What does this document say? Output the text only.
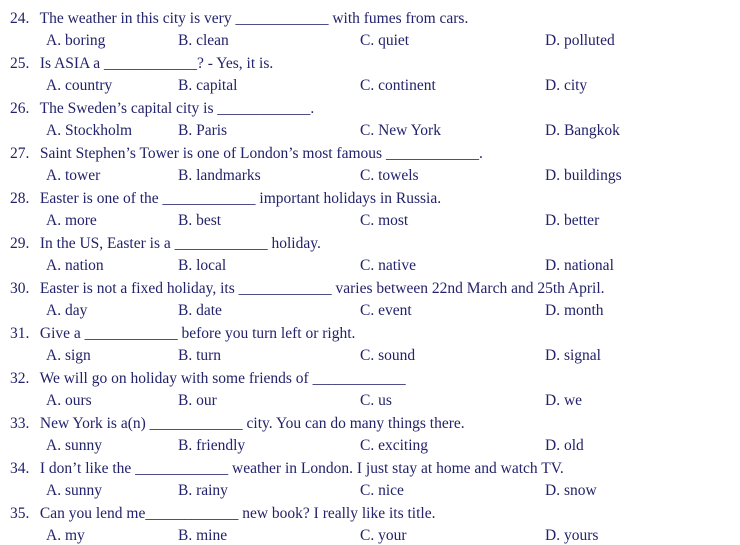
24. The weather in this city is very ____________ with fumes from cars.
A. boring	B. clean	C. quiet	D. polluted
25. Is ASIA a ____________? - Yes, it is.
A. country	B. capital	C. continent	D. city
26. The Sweden’s capital city is ____________.
A. Stockholm	B. Paris	C. New York	D. Bangkok
27. Saint Stephen’s Tower is one of London’s most famous ____________.
A. tower	B. landmarks	C. towels	D. buildings
28. Easter is one of the ____________ important holidays in Russia.
A. more	B. best	C. most	D. better
29. In the US, Easter is a ____________ holiday.
A. nation	B. local	C. native	D. national
30. Easter is not a fixed holiday, its ____________ varies between 22nd March and 25th April.
A. day	B. date	C. event	D. month
31. Give a ____________ before you turn left or right.
A. sign	B. turn	C. sound	D. signal
32. We will go on holiday with some friends of ____________
A. ours	B. our	C. us	D. we
33. New York is a(n) ____________ city. You can do many things there.
A. sunny	B. friendly	C. exciting	D. old
34. I don’t like the ____________ weather in London. I just stay at home and watch TV.
A. sunny	B. rainy	C. nice	D. snow
35. Can you lend me____________ new book? I really like its title.
A. my	B. mine	C. your	D. yours
